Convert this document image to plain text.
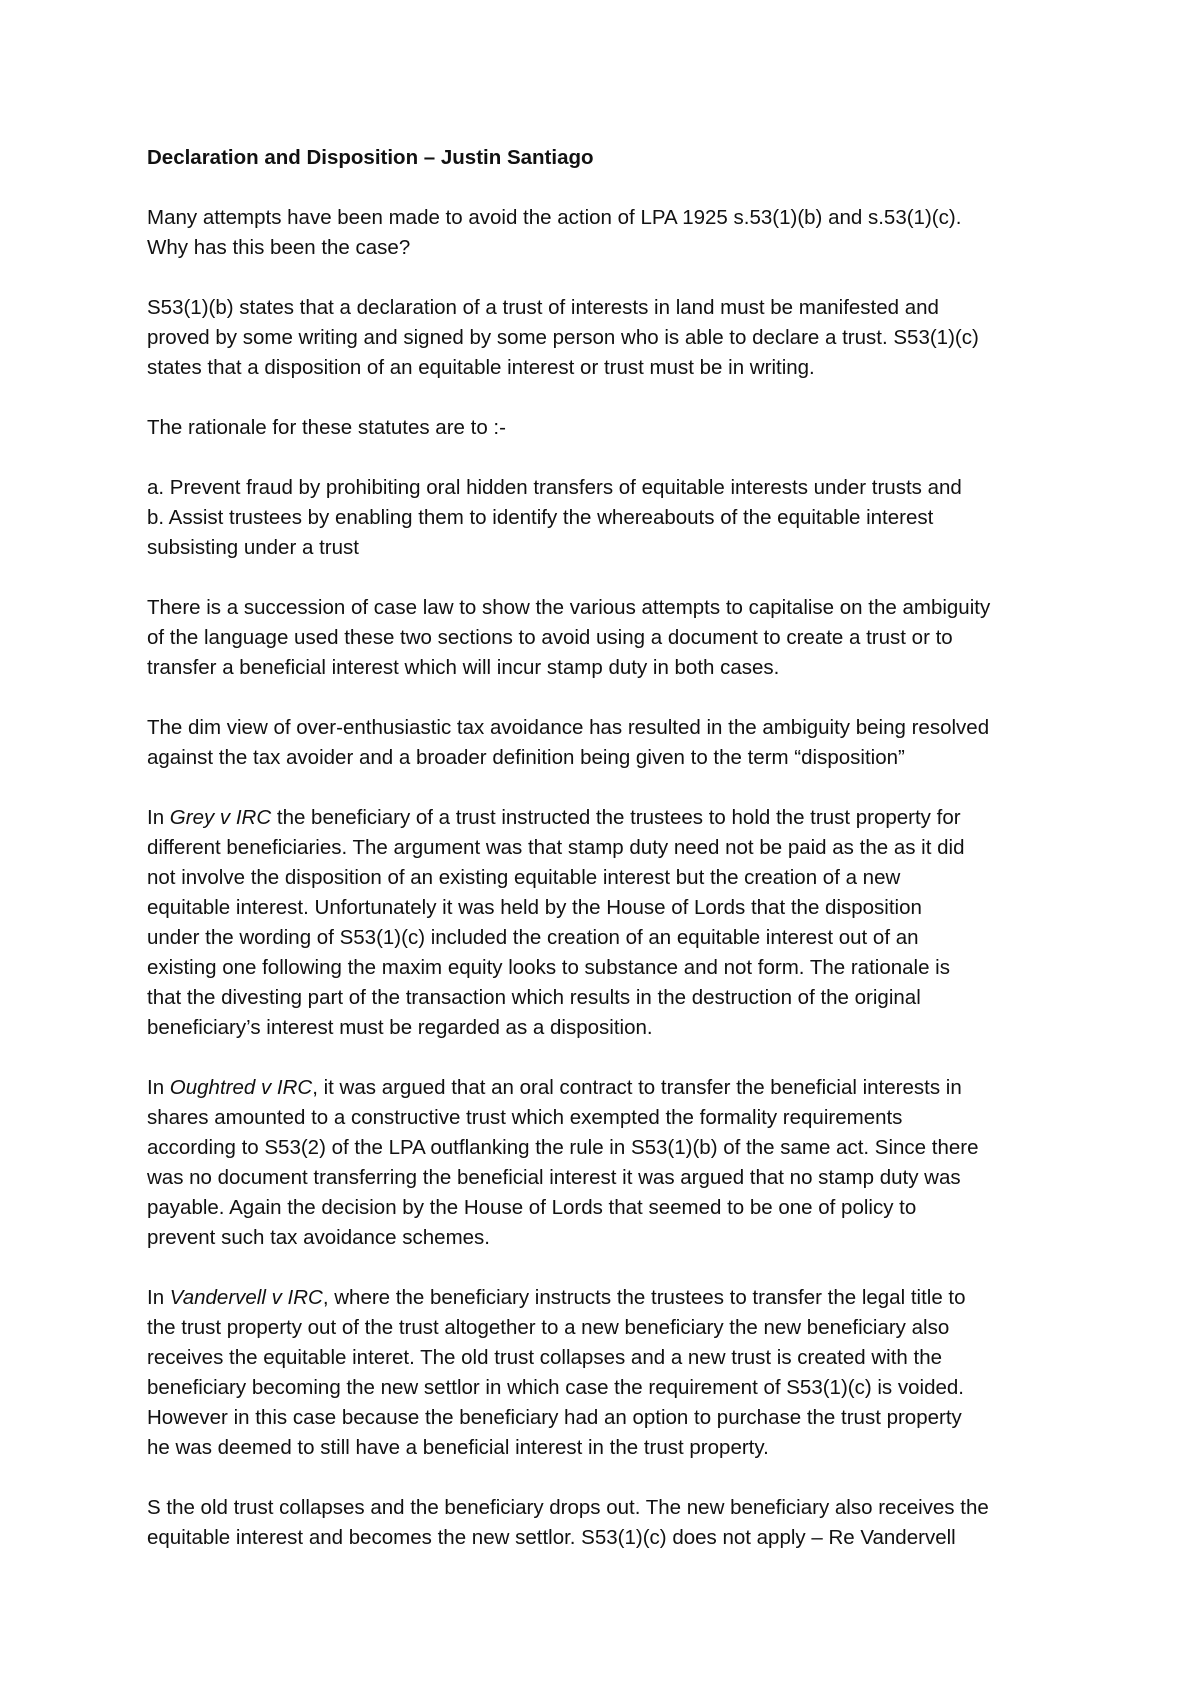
Declaration and Disposition – Justin Santiago

Many attempts have been made to avoid the action of LPA 1925 s.53(1)(b) and s.53(1)(c).
Why has this been the case?

S53(1)(b) states that a declaration of a trust of interests in land must be manifested and
proved by some writing and signed by some person who is able to declare a trust. S53(1)(c)
states that a disposition of an equitable interest or trust must be in writing.

The rationale for these statutes are to :-

a. Prevent fraud by prohibiting oral hidden transfers of equitable interests under trusts and
b. Assist trustees by enabling them to identify the whereabouts of the equitable interest
subsisting under a trust

There is a succession of case law to show the various attempts to capitalise on the ambiguity
of the language used these two sections to avoid using a document to create a trust or to
transfer a beneficial interest which will incur stamp duty in both cases.

The dim view of over-enthusiastic tax avoidance has resulted in the ambiguity being resolved
against the tax avoider and a broader definition being given to the term “disposition”

In Grey v IRC the beneficiary of a trust instructed the trustees to hold the trust property for
different beneficiaries. The argument was that stamp duty need not be paid as the as it did
not involve the disposition of an existing equitable interest but the creation of a new
equitable interest. Unfortunately it was held by the House of Lords that the disposition
under the wording of S53(1)(c) included the creation of an equitable interest out of an
existing one following the maxim equity looks to substance and not form. The rationale is
that the divesting part of the transaction which results in the destruction of the original
beneficiary’s interest must be regarded as a disposition.

In Oughtred v IRC, it was argued that an oral contract to transfer the beneficial interests in
shares amounted to a constructive trust which exempted the formality requirements
according to S53(2) of the LPA outflanking the rule in S53(1)(b) of the same act. Since there
was no document transferring the beneficial interest it was argued that no stamp duty was
payable. Again the decision by the House of Lords that seemed to be one of policy to
prevent such tax avoidance schemes.

In Vandervell v IRC, where the beneficiary instructs the trustees to transfer the legal title to
the trust property out of the trust altogether to a new beneficiary the new beneficiary also
receives the equitable interet. The old trust collapses and a new trust is created with the
beneficiary becoming the new settlor in which case the requirement of S53(1)(c) is voided.
However in this case because the beneficiary had an option to purchase the trust property
he was deemed to still have a beneficial interest in the trust property.

S the old trust collapses and the beneficiary drops out. The new beneficiary also receives the
equitable interest and becomes the new settlor. S53(1)(c) does not apply – Re Vandervell
